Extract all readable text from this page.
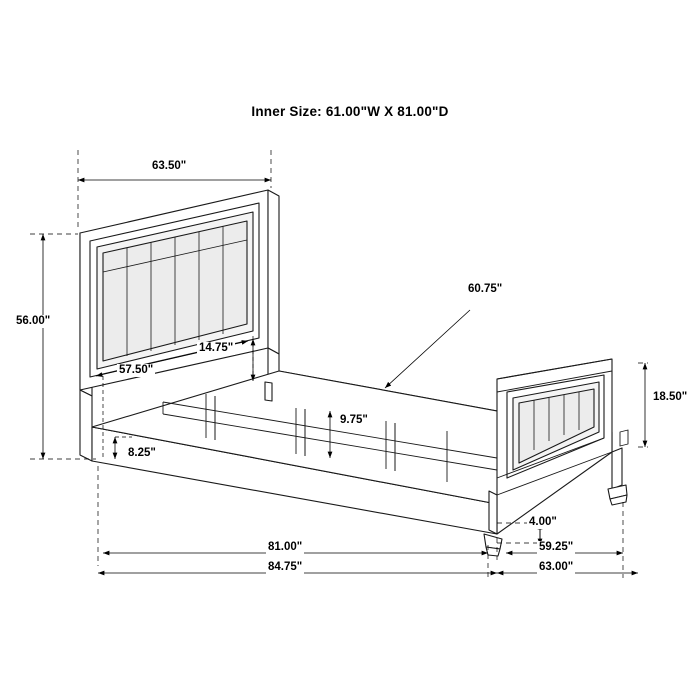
Inner Size: 61.00"W X 81.00"D
63.50"
56.00"
57.50"
14.75"
9.75"
8.25"
60.75"
18.50"
4.00"
81.00"
84.75"
59.25"
63.00"
